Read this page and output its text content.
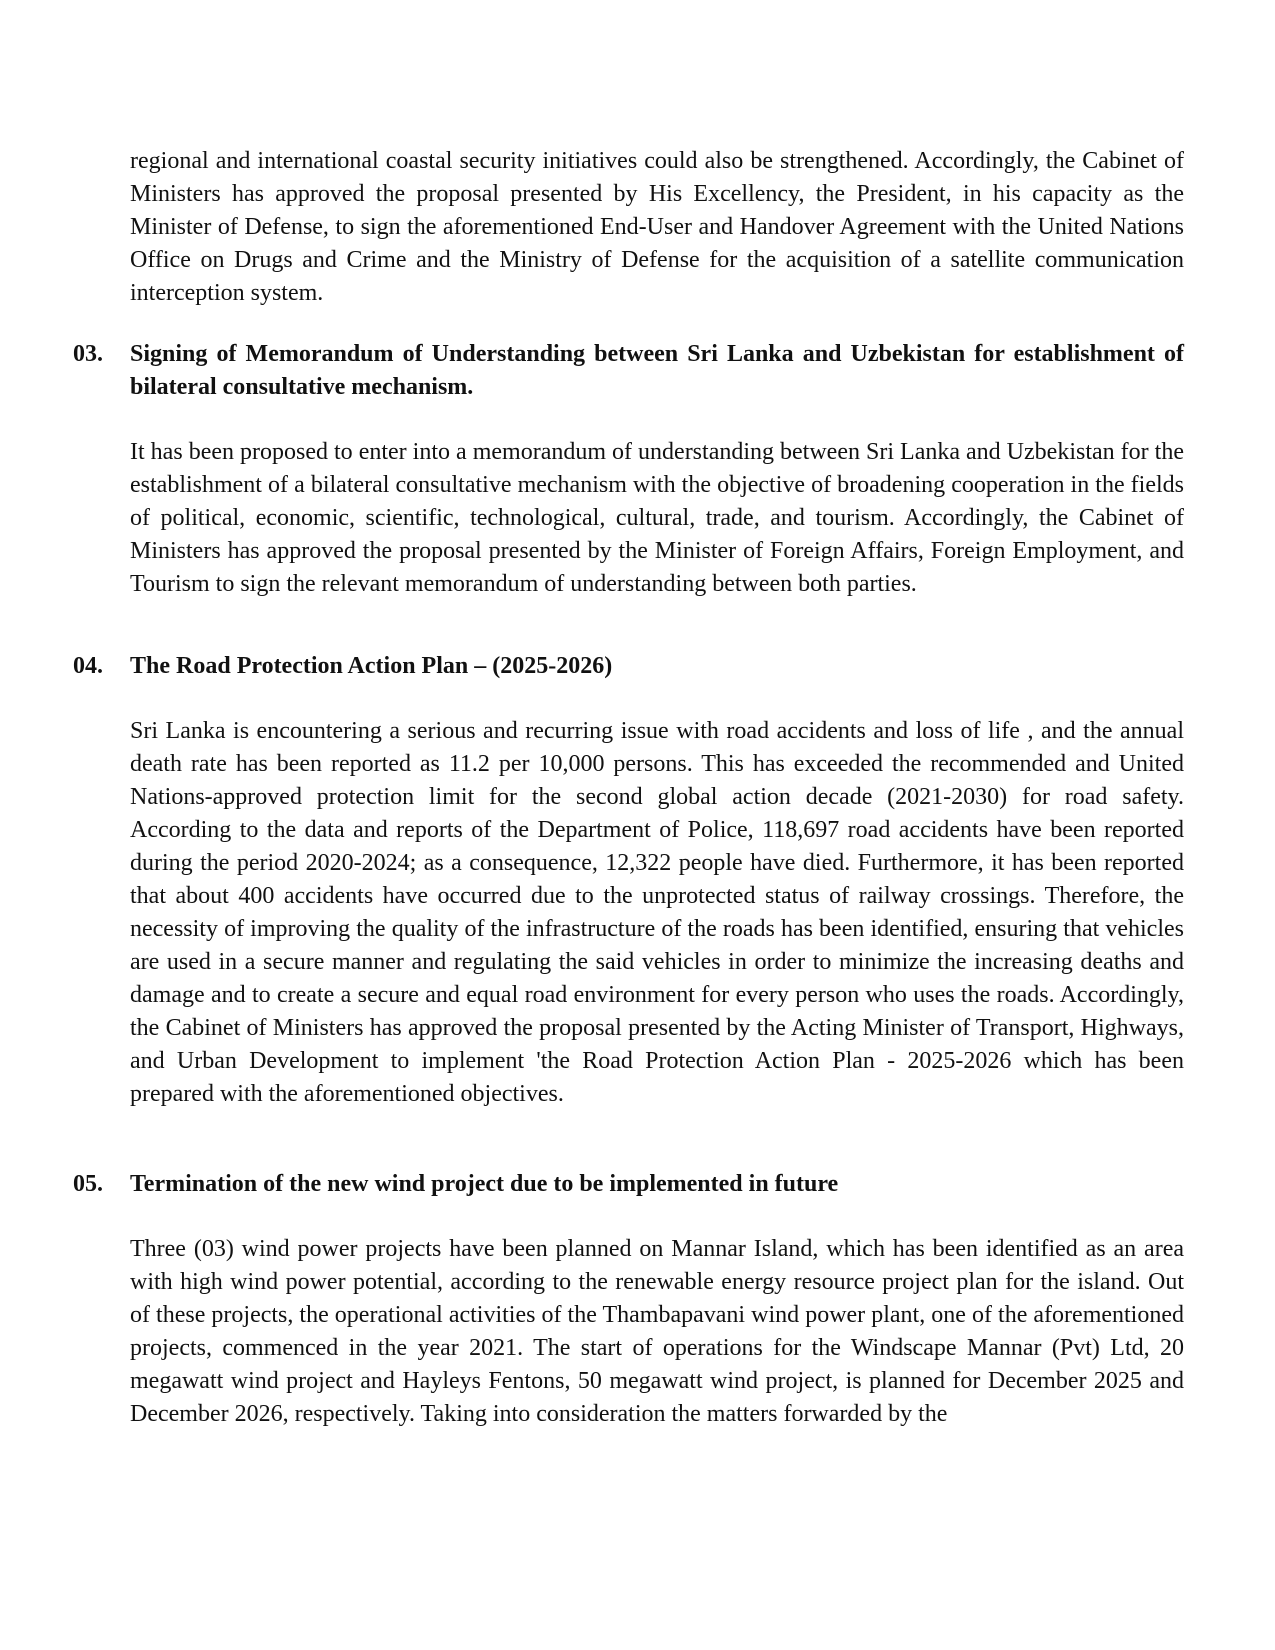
regional and international coastal security initiatives could also be strengthened. Accordingly, the Cabinet of Ministers has approved the proposal presented by His Excellency, the President, in his capacity as the Minister of Defense, to sign the aforementioned End-User and Handover Agreement with the United Nations Office on Drugs and Crime and the Ministry of Defense for the acquisition of a satellite communication interception system.

03.	Signing of Memorandum of Understanding between Sri Lanka and Uzbekistan for establishment of bilateral consultative mechanism.

It has been proposed to enter into a memorandum of understanding between Sri Lanka and Uzbekistan for the establishment of a bilateral consultative mechanism with the objective of broadening cooperation in the fields of political, economic, scientific, technological, cultural, trade, and tourism. Accordingly, the Cabinet of Ministers has approved the proposal presented by the Minister of Foreign Affairs, Foreign Employment, and Tourism to sign the relevant memorandum of understanding between both parties.

04.	The Road Protection Action Plan – (2025-2026)

Sri Lanka is encountering a serious and recurring issue with road accidents and loss of life , and the annual death rate has been reported as 11.2 per 10,000 persons. This has exceeded the recommended and United Nations-approved protection limit for the second global action decade (2021-2030) for road safety. According to the data and reports of the Department of Police, 118,697 road accidents have been reported during the period 2020-2024; as a consequence, 12,322 people have died. Furthermore, it has been reported that about 400 accidents have occurred due to the unprotected status of railway crossings. Therefore, the necessity of improving the quality of the infrastructure of the roads has been identified, ensuring that vehicles are used in a secure manner and regulating the said vehicles in order to minimize the increasing deaths and damage and to create a secure and equal road environment for every person who uses the roads. Accordingly, the Cabinet of Ministers has approved the proposal presented by the Acting Minister of Transport, Highways, and Urban Development to implement 'the Road Protection Action Plan - 2025-2026 which has been prepared with the aforementioned objectives.

05.	Termination of the new wind project due to be implemented in future

Three (03) wind power projects have been planned on Mannar Island, which has been identified as an area with high wind power potential, according to the renewable energy resource project plan for the island. Out of these projects, the operational activities of the Thambapavani wind power plant, one of the aforementioned projects, commenced in the year 2021. The start of operations for the Windscape Mannar (Pvt) Ltd, 20 megawatt wind project and Hayleys Fentons, 50 megawatt wind project, is planned for December 2025 and December 2026, respectively. Taking into consideration the matters forwarded by the
